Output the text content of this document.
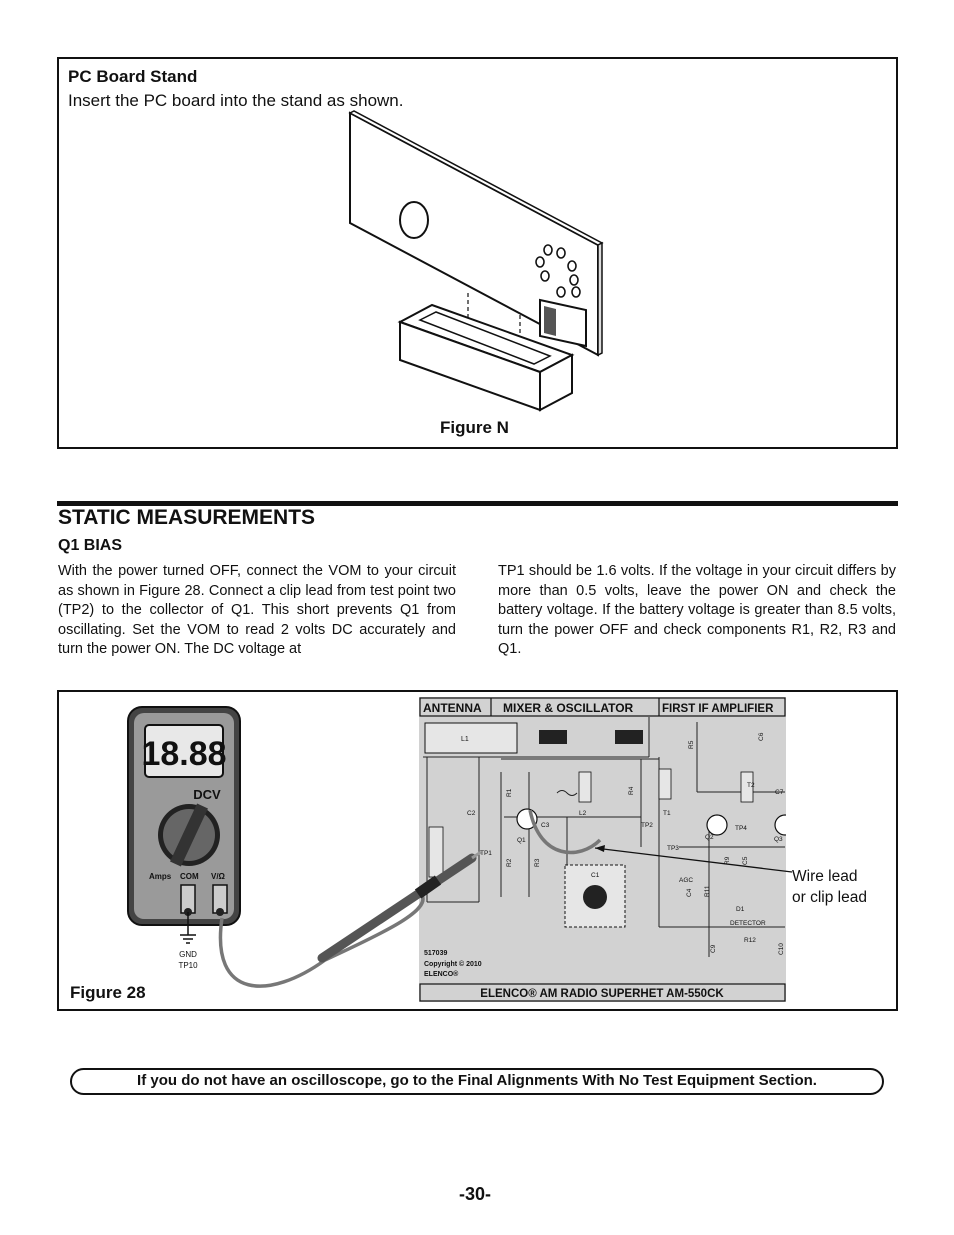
PC Board Stand
Insert the PC board into the stand as shown.
Figure N
STATIC MEASUREMENTS
Q1 BIAS
With the power turned OFF, connect the VOM to your circuit as shown in Figure 28. Connect a clip lead from test point two (TP2) to the collector of Q1. This short prevents Q1 from oscillating. Set the VOM to read 2 volts DC accurately and turn the power ON. The DC voltage at
TP1 should be 1.6 volts. If the voltage in your circuit differs by more than 0.5 volts, leave the power ON and check the battery voltage. If the battery voltage is greater than 8.5 volts, turn the power OFF and check components R1, R2, R3 and Q1.
18.88
DCV
Amps COM V/Ω
GND
TP10
ANTENNA MIXER & OSCILLATOR	FIRST IF AMPLIFIER
L1
C2
C3
Q1
TP1
TP2
TP3
TP4
L2	T1
T2
Q2	Q3
C1
AGC
D1
DETECTOR
R12
C7
R1
R2	R3
R4
R5
C6
R9 C5
C4 R11
C9	C10
517039
Copyright © 2010
ELENCO®
ELENCO® AM RADIO SUPERHET AM-550CK
Wire lead
or clip lead
Figure 28
If you do not have an oscilloscope, go to the Final Alignments With No Test Equipment Section.
-30-
